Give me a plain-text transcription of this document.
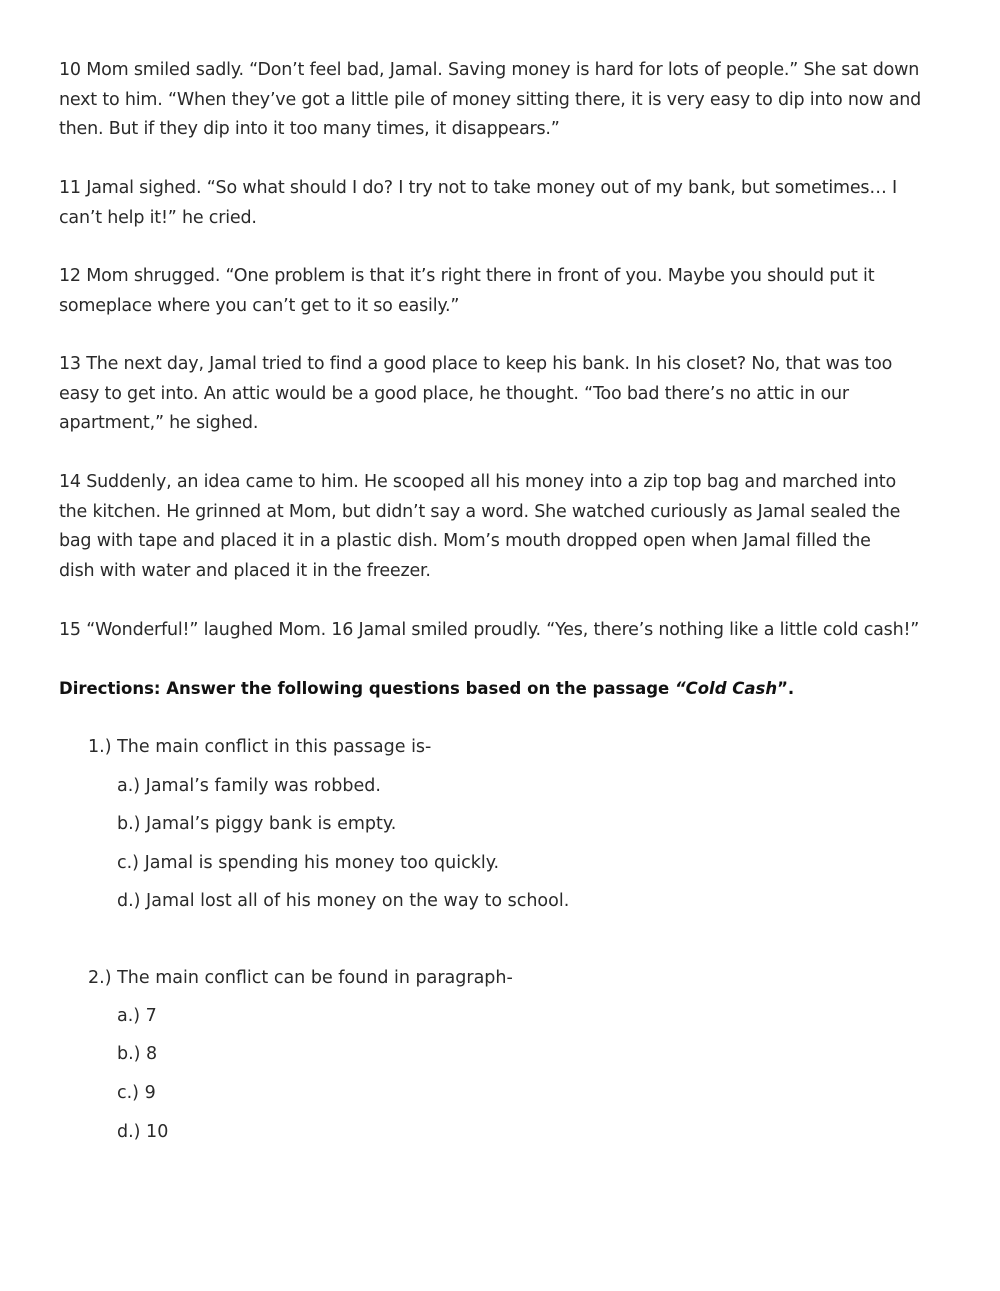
10 Mom smiled sadly. “Don’t feel bad, Jamal. Saving money is hard for lots of people.” She sat down
next to him. “When they’ve got a little pile of money sitting there, it is very easy to dip into now and
then. But if they dip into it too many times, it disappears.”

11 Jamal sighed. “So what should I do? I try not to take money out of my bank, but sometimes… I
can’t help it!” he cried.

12 Mom shrugged. “One problem is that it’s right there in front of you. Maybe you should put it
someplace where you can’t get to it so easily.”

13 The next day, Jamal tried to find a good place to keep his bank. In his closet? No, that was too
easy to get into. An attic would be a good place, he thought. “Too bad there’s no attic in our
apartment,” he sighed.

14 Suddenly, an idea came to him. He scooped all his money into a zip top bag and marched into
the kitchen. He grinned at Mom, but didn’t say a word. She watched curiously as Jamal sealed the
bag with tape and placed it in a plastic dish. Mom’s mouth dropped open when Jamal filled the
dish with water and placed it in the freezer.

15 “Wonderful!” laughed Mom. 16 Jamal smiled proudly. “Yes, there’s nothing like a little cold cash!”

Directions: Answer the following questions based on the passage “Cold Cash”.

1.) The main conflict in this passage is-

a.) Jamal’s family was robbed.

b.) Jamal’s piggy bank is empty.

c.) Jamal is spending his money too quickly.

d.) Jamal lost all of his money on the way to school.

2.) The main conflict can be found in paragraph-

a.) 7

b.) 8

c.) 9

d.) 10
